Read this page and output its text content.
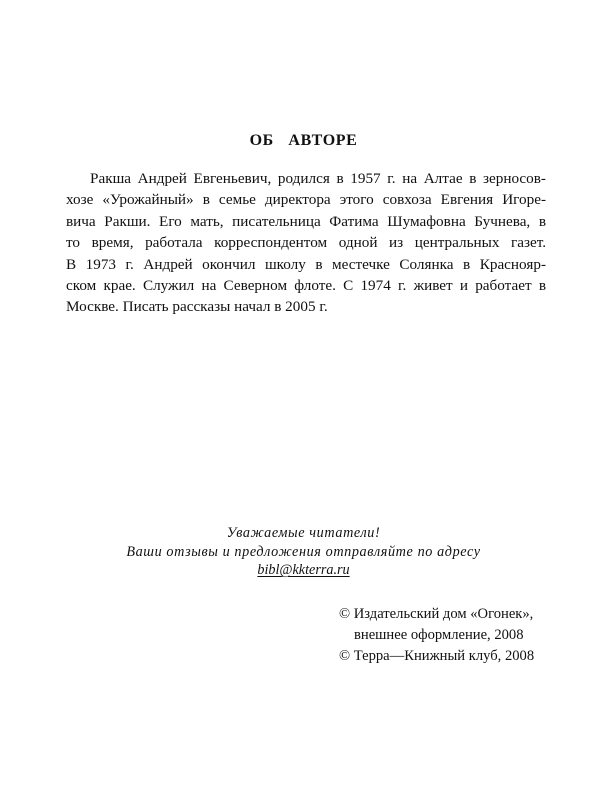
ОБ АВТОРЕ
Ракша Андрей Евгеньевич, родился в 1957 г. на Алтае в зерносов-
хозе «Урожайный» в семье директора этого совхоза Евгения Игоре-
вича Ракши. Его мать, писательница Фатима Шумафовна Бучнева, в
то время, работала корреспондентом одной из центральных газет.
В 1973 г. Андрей окончил школу в местечке Солянка в Краснояр-
ском крае. Служил на Северном флоте. С 1974 г. живет и работает в
Москве. Писать рассказы начал в 2005 г.
Уважаемые читатели!
Ваши отзывы и предложения отправляйте по адресу
bibl@kkterra.ru
© Издательский дом «Огонек»,
внешнее оформление, 2008
© Терра—Книжный клуб, 2008
